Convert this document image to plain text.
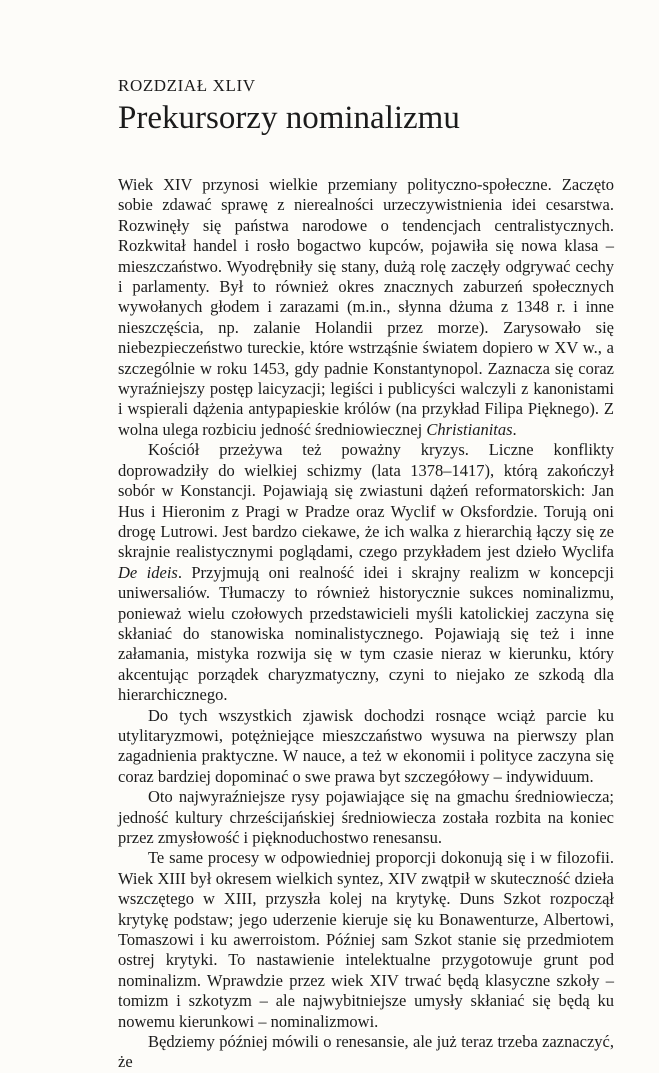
ROZDZIAŁ XLIV

Prekursorzy nominalizmu

Wiek XIV przynosi wielkie przemiany polityczno-społeczne. Zaczęto sobie zdawać sprawę z nierealności urzeczywistnienia idei cesarstwa. Rozwinęły się państwa narodowe o tendencjach centralistycznych. Rozkwitał handel i rosło bogactwo kupców, pojawiła się nowa klasa – mieszczaństwo. Wyodrębniły się stany, dużą rolę zaczęły odgrywać cechy i parlamenty. Był to również okres znacznych zaburzeń społecznych wywołanych głodem i zarazami (m.in., słynna dżuma z 1348 r. i inne nieszczęścia, np. zalanie Holandii przez morze). Zarysowało się niebezpieczeństwo tureckie, które wstrząśnie światem dopiero w XV w., a szczególnie w roku 1453, gdy padnie Konstantynopol. Zaznacza się coraz wyraźniejszy postęp laicyzacji; legiści i publicyści walczyli z kanonistami i wspierali dążenia antypapieskie królów (na przykład Filipa Pięknego). Z wolna ulega rozbiciu jedność średniowiecznej Christianitas.

Kościół przeżywa też poważny kryzys. Liczne konflikty doprowadziły do wielkiej schizmy (lata 1378–1417), którą zakończył sobór w Konstancji. Pojawiają się zwiastuni dążeń reformatorskich: Jan Hus i Hieronim z Pragi w Pradze oraz Wyclif w Oksfordzie. Torują oni drogę Lutrowi. Jest bardzo ciekawe, że ich walka z hierarchią łączy się ze skrajnie realistycznymi poglądami, czego przykładem jest dzieło Wyclifa De ideis. Przyjmują oni realność idei i skrajny realizm w koncepcji uniwersaliów. Tłumaczy to również historycznie sukces nominalizmu, ponieważ wielu czołowych przedstawicieli myśli katolickiej zaczyna się skłaniać do stanowiska nominalistycznego. Pojawiają się też i inne załamania, mistyka rozwija się w tym czasie nieraz w kierunku, który akcentując porządek charyzmatyczny, czyni to niejako ze szkodą dla hierarchicznego.

Do tych wszystkich zjawisk dochodzi rosnące wciąż parcie ku utylitaryzmowi, potężniejące mieszczaństwo wysuwa na pierwszy plan zagadnienia praktyczne. W nauce, a też w ekonomii i polityce zaczyna się coraz bardziej dopominać o swe prawa byt szczegółowy – indywiduum.

Oto najwyraźniejsze rysy pojawiające się na gmachu średniowiecza; jedność kultury chrześcijańskiej średniowiecza została rozbita na koniec przez zmysłowość i pięknoduchostwo renesansu.

Te same procesy w odpowiedniej proporcji dokonują się i w filozofii. Wiek XIII był okresem wielkich syntez, XIV zwątpił w skuteczność dzieła wszczętego w XIII, przyszła kolej na krytykę. Duns Szkot rozpoczął krytykę podstaw; jego uderzenie kieruje się ku Bonawenturze, Albertowi, Tomaszowi i ku awerroistom. Później sam Szkot stanie się przedmiotem ostrej krytyki. To nastawienie intelektualne przygotowuje grunt pod nominalizm. Wprawdzie przez wiek XIV trwać będą klasyczne szkoły – tomizm i szkotyzm – ale najwybitniejsze umysły skłaniać się będą ku nowemu kierunkowi – nominalizmowi.

Będziemy później mówili o renesansie, ale już teraz trzeba zaznaczyć, że
